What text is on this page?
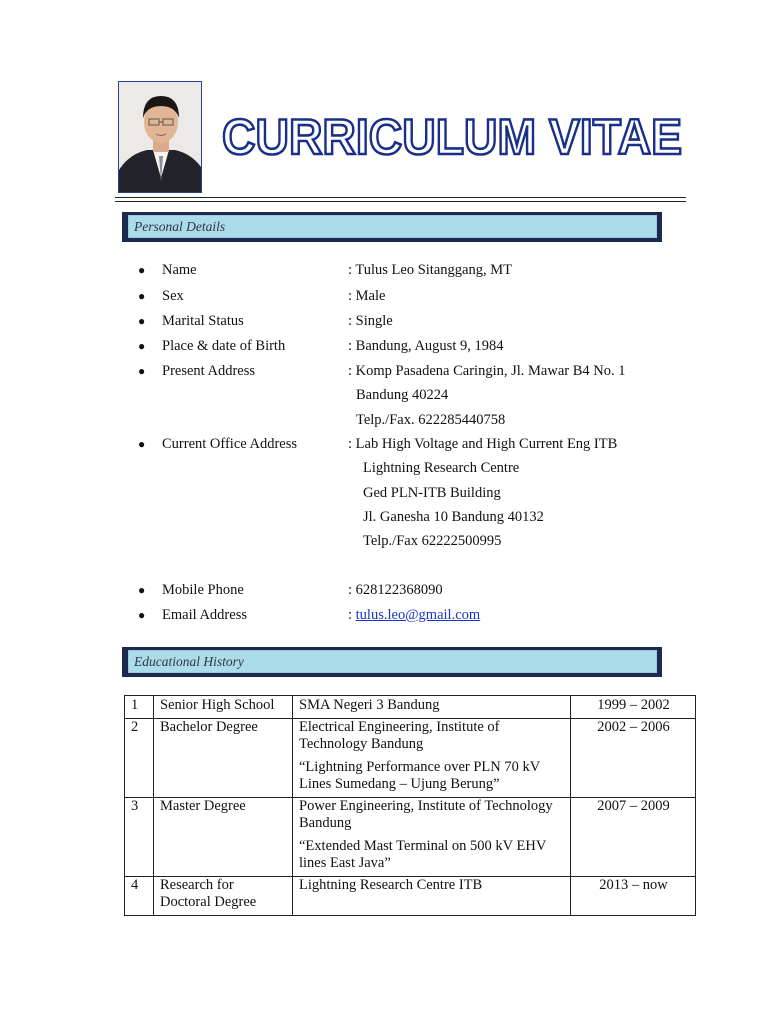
CURRICULUM VITAE
Personal Details
● Name	: Tulus Leo Sitanggang, MT
● Sex	: Male
● Marital Status	: Single
● Place & date of Birth	: Bandung, August 9, 1984
● Present Address	: Komp Pasadena Caringin, Jl. Mawar B4 No. 1
Bandung 40224
Telp./Fax. 622285440758
● Current Office Address	: Lab High Voltage and High Current Eng ITB
Lightning Research Centre
Ged PLN-ITB Building
Jl. Ganesha 10 Bandung 40132
Telp./Fax 62222500995
● Mobile Phone	: 628122368090
● Email Address	: tulus.leo@gmail.com
Educational History
1	Senior High School	SMA Negeri 3 Bandung	1999 – 2002
2	Bachelor Degree	Electrical Engineering, Institute of Technology Bandung
“Lightning Performance over PLN 70 kV Lines Sumedang – Ujung Berung”	2002 – 2006
3	Master Degree	Power Engineering, Institute of Technology Bandung
“Extended Mast Terminal on 500 kV EHV lines East Java”	2007 – 2009
4	Research for Doctoral Degree	Lightning Research Centre ITB	2013 – now
